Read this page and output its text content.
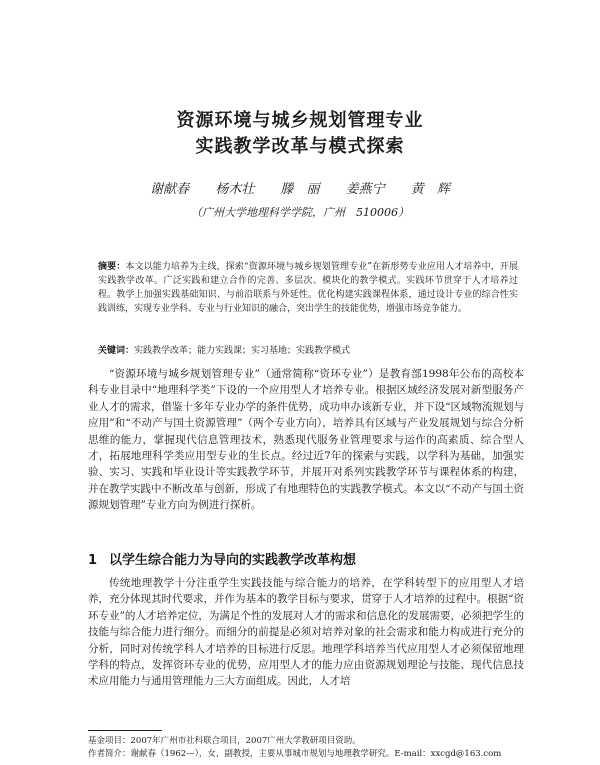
资源环境与城乡规划管理专业
实践教学改革与模式探索
谢献春 杨木壮 滕　丽 姜燕宁 黄　辉
（广州大学地理科学学院，广州　510006）
摘要：本文以能力培养为主线，探索“资源环境与城乡规划管理专业”在新形势专业应用人才培养中，开展实践教学改革。广泛实践和建立合作的完善、多层次、模块化的教学模式。实践环节贯穿于人才培养过程。教学上加强实践基础知识、与前沿联系与外延性。优化构建实践课程体系，通过设计专业的综合性实践训练，实现专业学科、专业与行业知识的融合，突出学生的技能优势，增强市场竞争能力。
关键词：实践教学改革；能力实践课；实习基地；实践教学模式
“资源环境与城乡规划管理专业”（通常简称“资环专业”）是教育部1998年公布的高校本科专业目录中“地理科学类”下设的一个应用型人才培养专业。根据区域经济发展对新型服务产业人才的需求，借鉴十多年专业办学的条件优势，成功申办该新专业，并下设“区域物流规划与应用”和“不动产与国土资源管理”（两个专业方向），培养具有区域与产业发展规划与综合分析思维的能力，掌握现代信息管理技术，熟悉现代服务业管理要求与运作的高素质、综合型人才，拓展地理科学类应用型专业的生长点。经过近7年的探索与实践，以学科为基础，加强实验、实习、实践和毕业设计等实践教学环节，并展开对系列实践教学环节与课程体系的构建，并在教学实践中不断改革与创新，形成了有地理特色的实践教学模式。本文以“不动产与国土资源规划管理”专业方向为例进行探析。
1 以学生综合能力为导向的实践教学改革构想
传统地理教学十分注重学生实践技能与综合能力的培养，在学科转型下的应用型人才培养，充分体现其时代要求，并作为基本的教学目标与要求，贯穿于人才培养的过程中。根据“资环专业”的人才培养定位，为满足个性的发展对人才的需求和信息化的发展需要，必须把学生的技能与综合能力进行细分。而细分的前提是必须对培养对象的社会需求和能力构成进行充分的分析，同时对传统学科人才培养的目标进行反思。地理学科培养当代应用型人才必须保留地理学科的特点，发挥资环专业的优势，应用型人才的能力应由资源规划理论与技能、现代信息技术应用能力与通用管理能力三大方面组成。因此，人才培
基金项目：2007年广州市社科联合项目，2007广州大学教研项目资助。
作者简介：谢献春（1962—），女，副教授，主要从事城市规划与地理教学研究。E-mail：xxcgd@163.com
